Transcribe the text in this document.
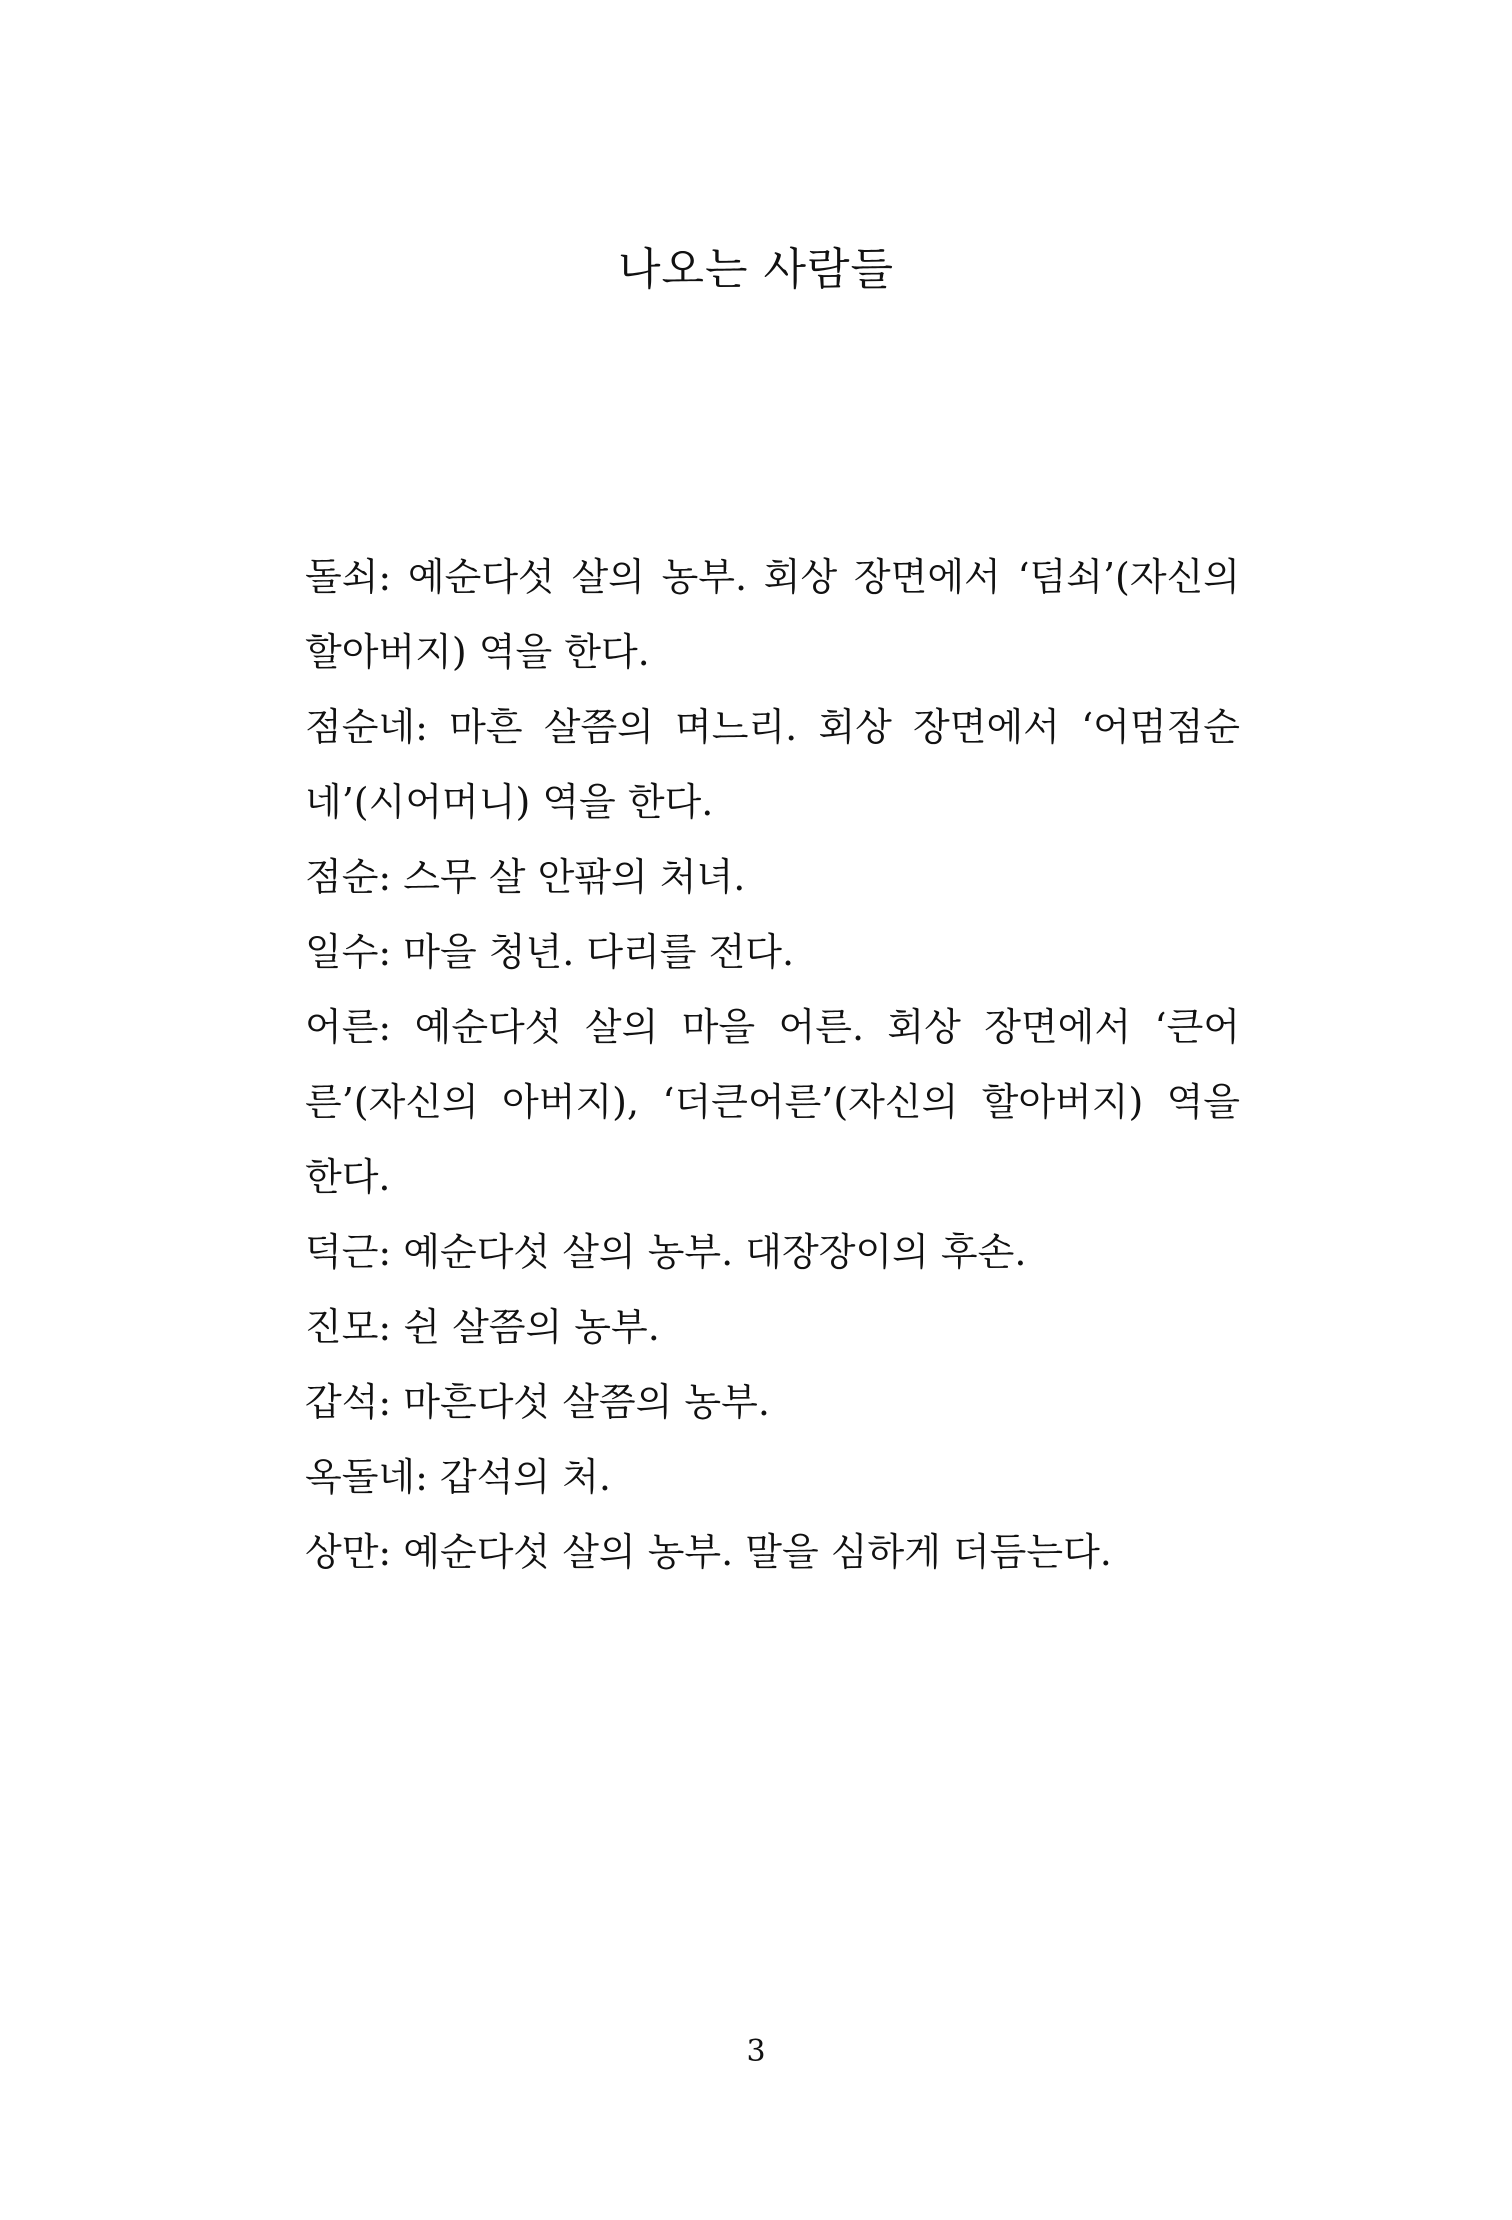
나오는 사람들

돌쇠: 예순다섯 살의 농부. 회상 장면에서 ‘덤쇠’(자신의 할아버지) 역을 한다.

점순네: 마흔 살쯤의 며느리. 회상 장면에서 ‘어멈점순네’(시어머니) 역을 한다.

점순: 스무 살 안팎의 처녀.

일수: 마을 청년. 다리를 전다.

어른: 예순다섯 살의 마을 어른. 회상 장면에서 ‘큰어른’(자신의 아버지), ‘더큰어른’(자신의 할아버지) 역을 한다.

덕근: 예순다섯 살의 농부. 대장장이의 후손.

진모: 쉰 살쯤의 농부.

갑석: 마흔다섯 살쯤의 농부.

옥돌네: 갑석의 처.

상만: 예순다섯 살의 농부. 말을 심하게 더듬는다.

3
